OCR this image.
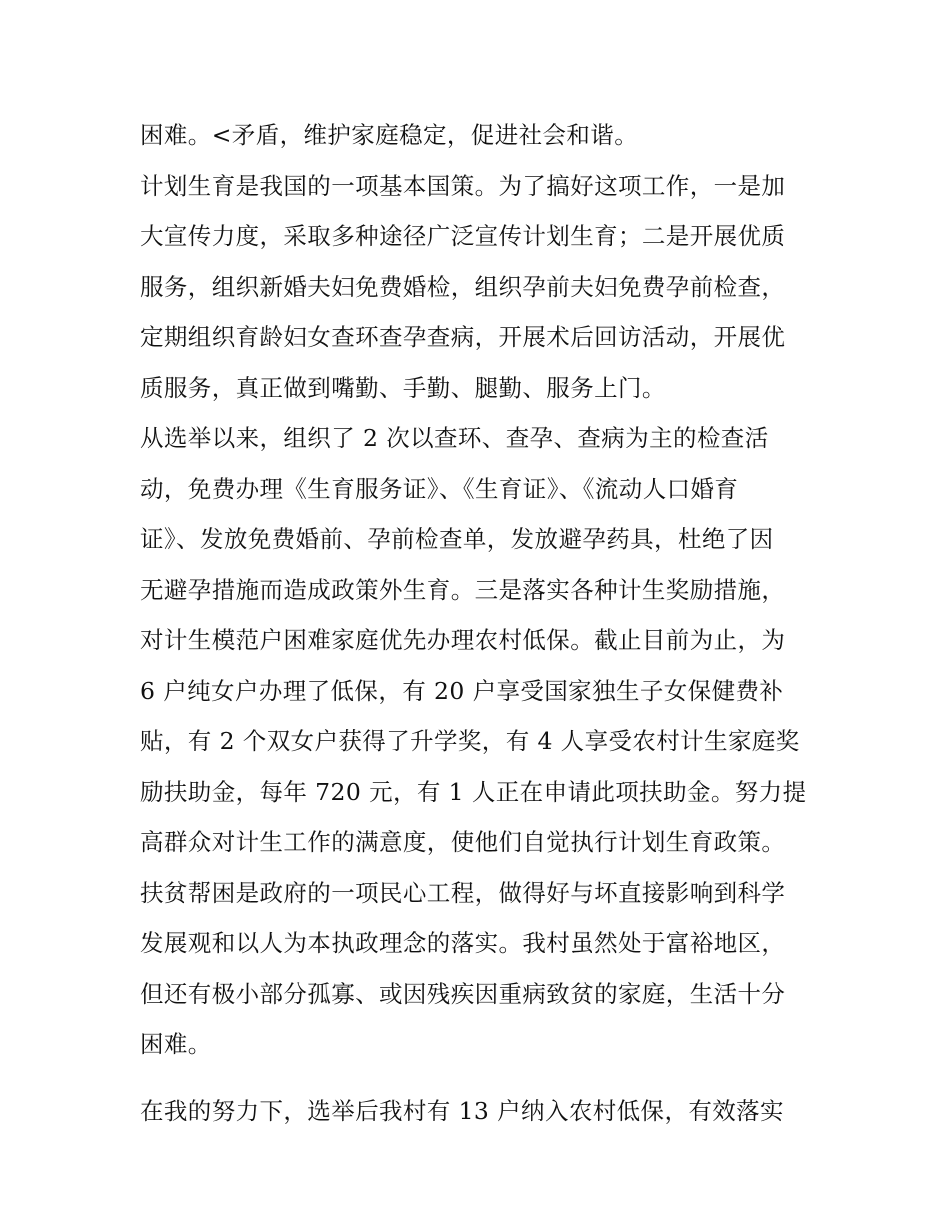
困难。<矛盾，维护家庭稳定，促进社会和谐。
计划生育是我国的一项基本国策。为了搞好这项工作，一是加
大宣传力度，采取多种途径广泛宣传计划生育；二是开展优质
服务，组织新婚夫妇免费婚检，组织孕前夫妇免费孕前检查，
定期组织育龄妇女查环查孕查病，开展术后回访活动，开展优
质服务，真正做到嘴勤、手勤、腿勤、服务上门。
从选举以来，组织了 2 次以查环、查孕、查病为主的检查活
动，免费办理《生育服务证》、《生育证》、《流动人口婚育
证》、发放免费婚前、孕前检查单，发放避孕药具，杜绝了因
无避孕措施而造成政策外生育。三是落实各种计生奖励措施，
对计生模范户困难家庭优先办理农村低保。截止目前为止，为
6 户纯女户办理了低保，有 20 户享受国家独生子女保健费补
贴，有 2 个双女户获得了升学奖，有 4 人享受农村计生家庭奖
励扶助金，每年 720 元，有 1 人正在申请此项扶助金。努力提
高群众对计生工作的满意度，使他们自觉执行计划生育政策。
扶贫帮困是政府的一项民心工程，做得好与坏直接影响到科学
发展观和以人为本执政理念的落实。我村虽然处于富裕地区，
但还有极小部分孤寡、或因残疾因重病致贫的家庭，生活十分
困难。
在我的努力下，选举后我村有 13 户纳入农村低保，有效落实
